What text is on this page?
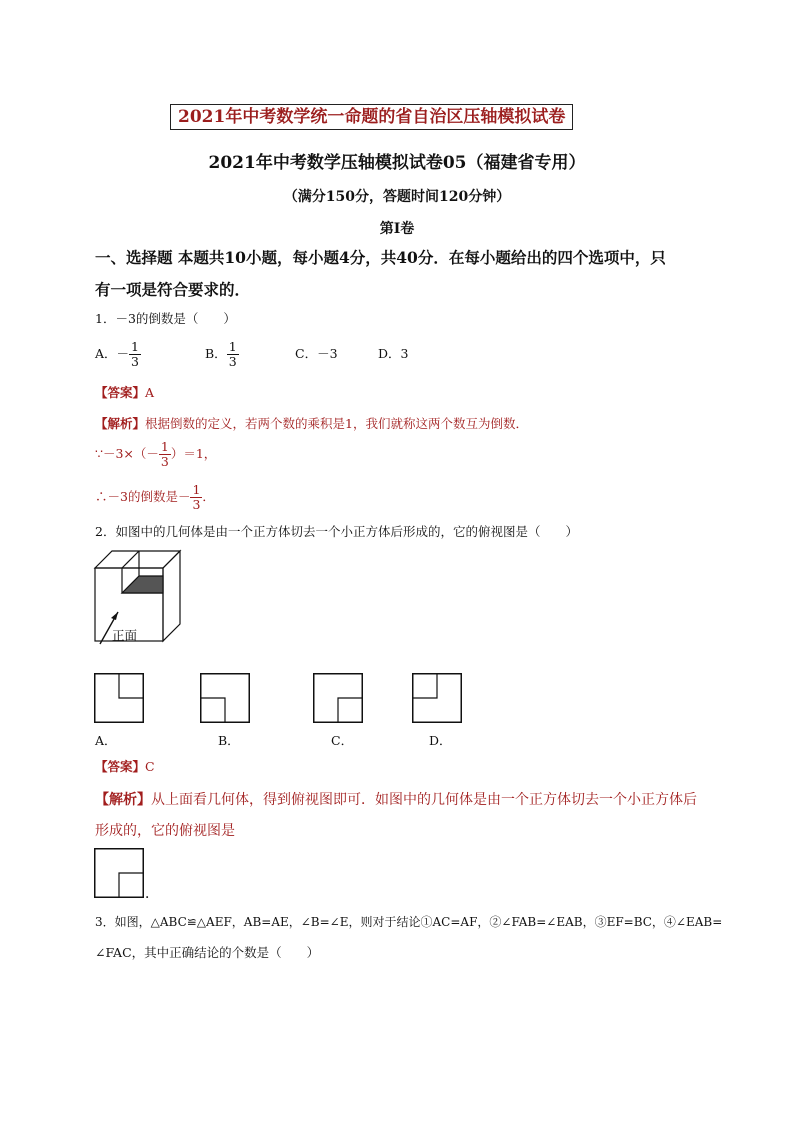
2021年中考数学统一命题的省自治区压轴模拟试卷
2021年中考数学压轴模拟试卷05（福建省专用）
（满分150分，答题时间120分钟）
第Ⅰ卷
一、选择题 本题共10小题，每小题4分，共40分．在每小题给出的四个选项中，只
有一项是符合要求的．
1．－3的倒数是（　　）
A．－ $\frac{1}{3}$	B． $\frac{1}{3}$	C．－3	D．3
【答案】A
【解析】根据倒数的定义，若两个数的乘积是1，我们就称这两个数互为倒数．
∵－3×（－ $\frac{1}{3} )=1$，
∴－3的倒数是－ $\frac{1}{3}$ ．
2．如图中的几何体是由一个正方体切去一个小正方体后形成的，它的俯视图是（　　）
正面
A．	B．	C．	D．
【答案】C
【解析】从上面看几何体，得到俯视图即可．如图中的几何体是由一个正方体切去一个小正方体后
形成的，它的俯视图是
．
3．如图，△ABC≌△AEF，AB=AE，∠B=∠E，则对于结论①AC=AF，②∠FAB=∠EAB，③EF=BC，④∠EAB=
∠FAC，其中正确结论的个数是（　　）
